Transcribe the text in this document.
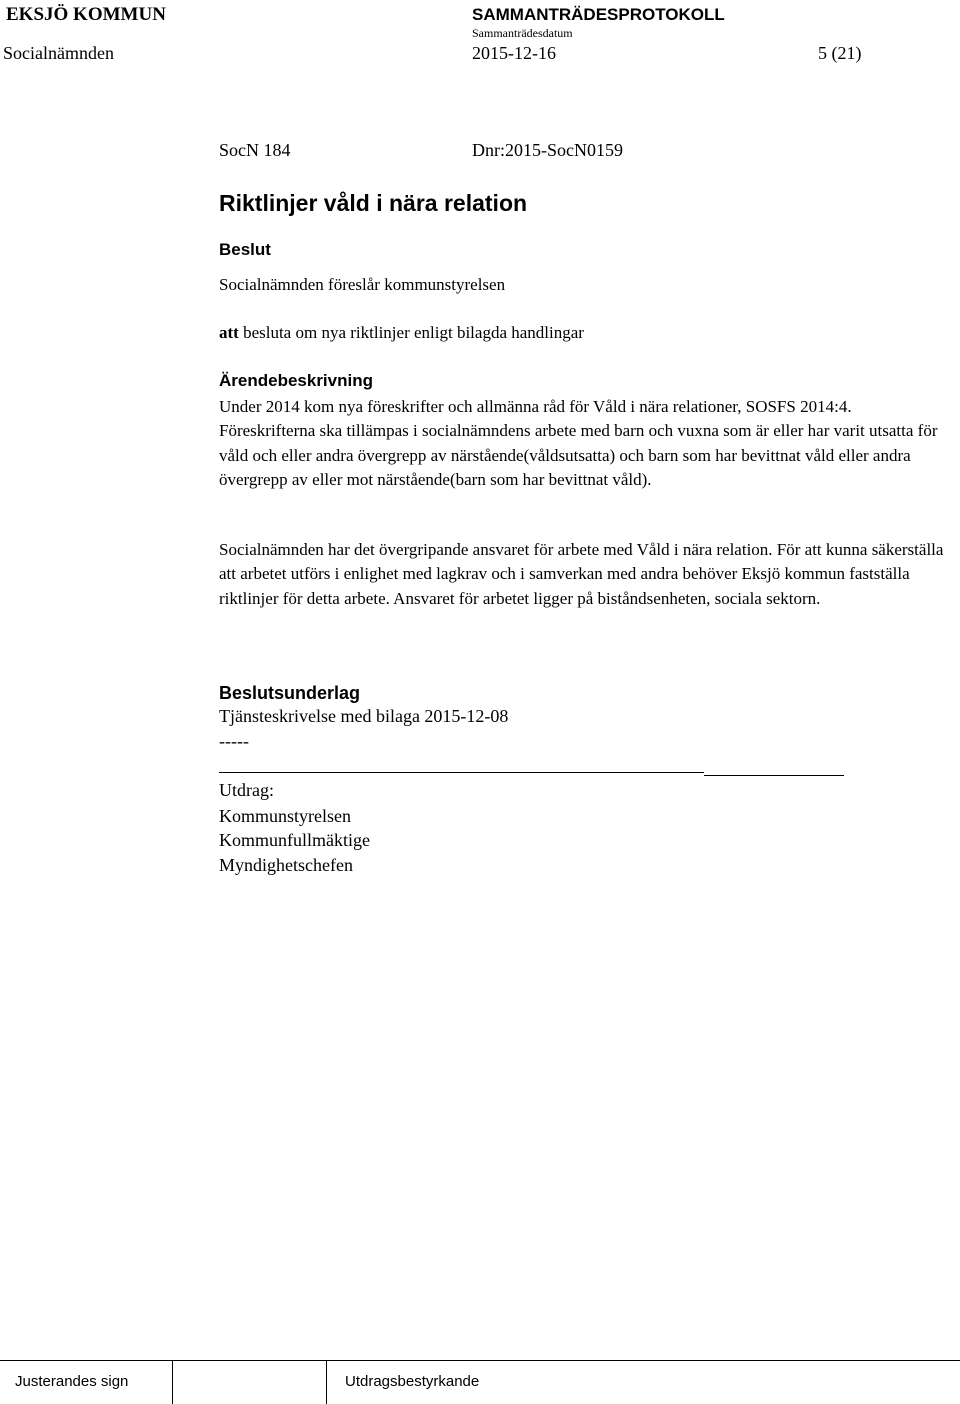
EKSJÖ KOMMUN	SAMMANTRÄDESPROTOKOLL
Sammanträdesdatum
Socialnämnden	2015-12-16	5 (21)
SocN 184	Dnr:2015-SocN0159
Riktlinjer våld i nära relation
Beslut
Socialnämnden föreslår kommunstyrelsen
att besluta om nya riktlinjer enligt bilagda handlingar
Ärendebeskrivning
Under 2014 kom nya föreskrifter och allmänna råd för Våld i nära relationer, SOSFS 2014:4. Föreskrifterna ska tillämpas i socialnämndens arbete med barn och vuxna som är eller har varit utsatta för våld och eller andra övergrepp av närstående(våldsutsatta) och barn som har bevittnat våld eller andra övergrepp av eller mot närstående(barn som har bevittnat våld).
Socialnämnden har det övergripande ansvaret för arbete med Våld i nära relation. För att kunna säkerställa att arbetet utförs i enlighet med lagkrav och i samverkan med andra behöver Eksjö kommun fastställa riktlinjer för detta arbete. Ansvaret för arbetet ligger på biståndsenheten, sociala sektorn.
Beslutsunderlag
Tjänsteskrivelse med bilaga 2015-12-08
-----
Utdrag:
Kommunstyrelsen
Kommunfullmäktige
Myndighetschefen
Justerandes sign	Utdragsbestyrkande
